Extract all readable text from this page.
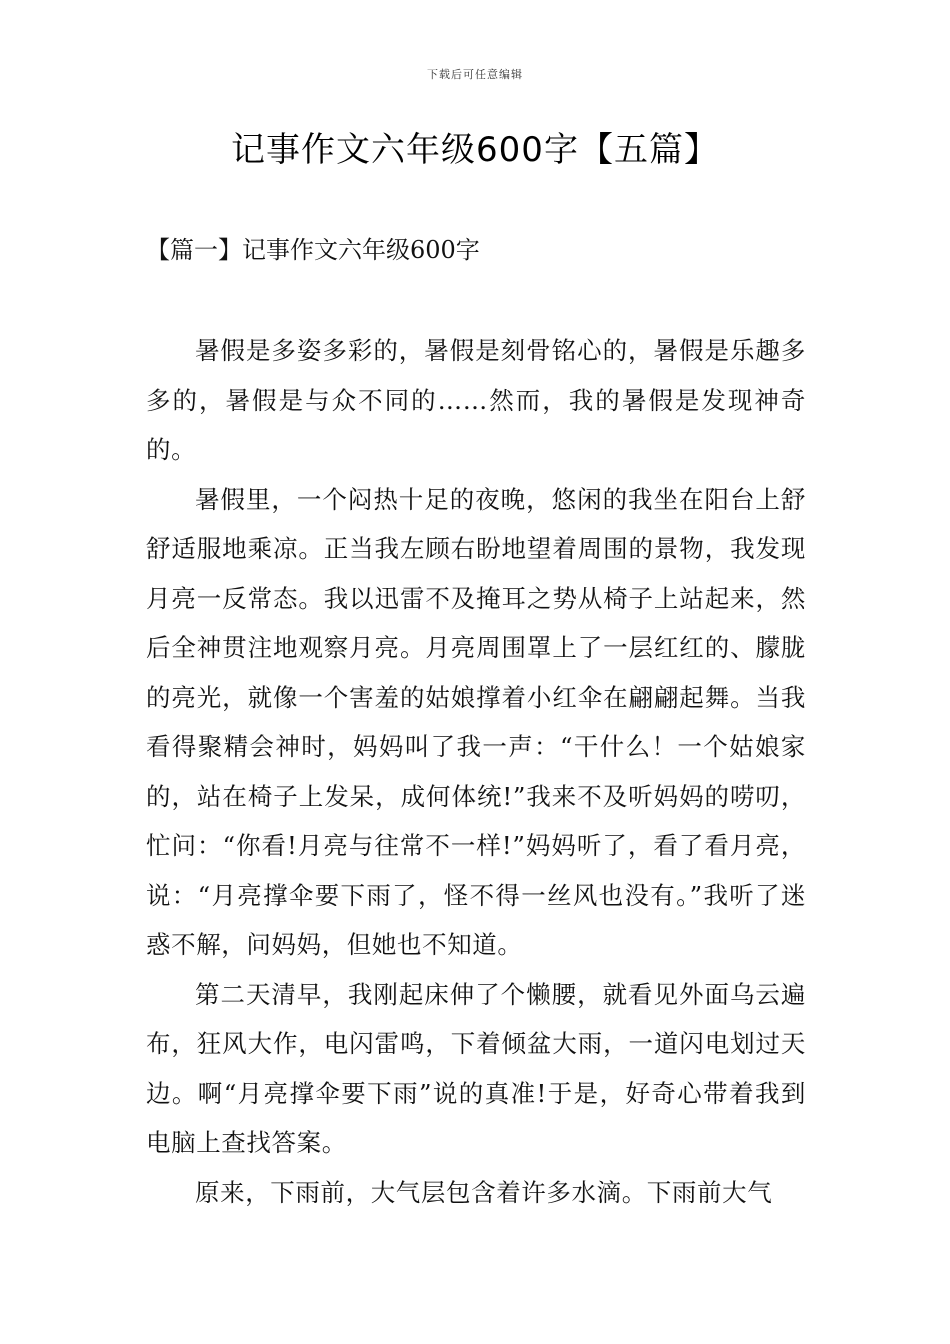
下载后可任意编辑
记事作文六年级600字【五篇】
【篇一】记事作文六年级600字

暑假是多姿多彩的，暑假是刻骨铭心的，暑假是乐趣多多的，暑假是与众不同的……然而，我的暑假是发现神奇的。

暑假里，一个闷热十足的夜晚，悠闲的我坐在阳台上舒舒适服地乘凉。正当我左顾右盼地望着周围的景物，我发现月亮一反常态。我以迅雷不及掩耳之势从椅子上站起来，然后全神贯注地观察月亮。月亮周围罩上了一层红红的、朦胧的亮光，就像一个害羞的姑娘撑着小红伞在翩翩起舞。当我看得聚精会神时，妈妈叫了我一声：“干什么！一个姑娘家的，站在椅子上发呆，成何体统!”我来不及听妈妈的唠叨，忙问：“你看!月亮与往常不一样!”妈妈听了，看了看月亮，说：“月亮撑伞要下雨了，怪不得一丝风也没有。”我听了迷惑不解，问妈妈，但她也不知道。

第二天清早，我刚起床伸了个懒腰，就看见外面乌云遍布，狂风大作，电闪雷鸣，下着倾盆大雨，一道闪电划过天边。啊“月亮撑伞要下雨”说的真准!于是，好奇心带着我到电脑上查找答案。

原来，下雨前，大气层包含着许多水滴。下雨前大气
